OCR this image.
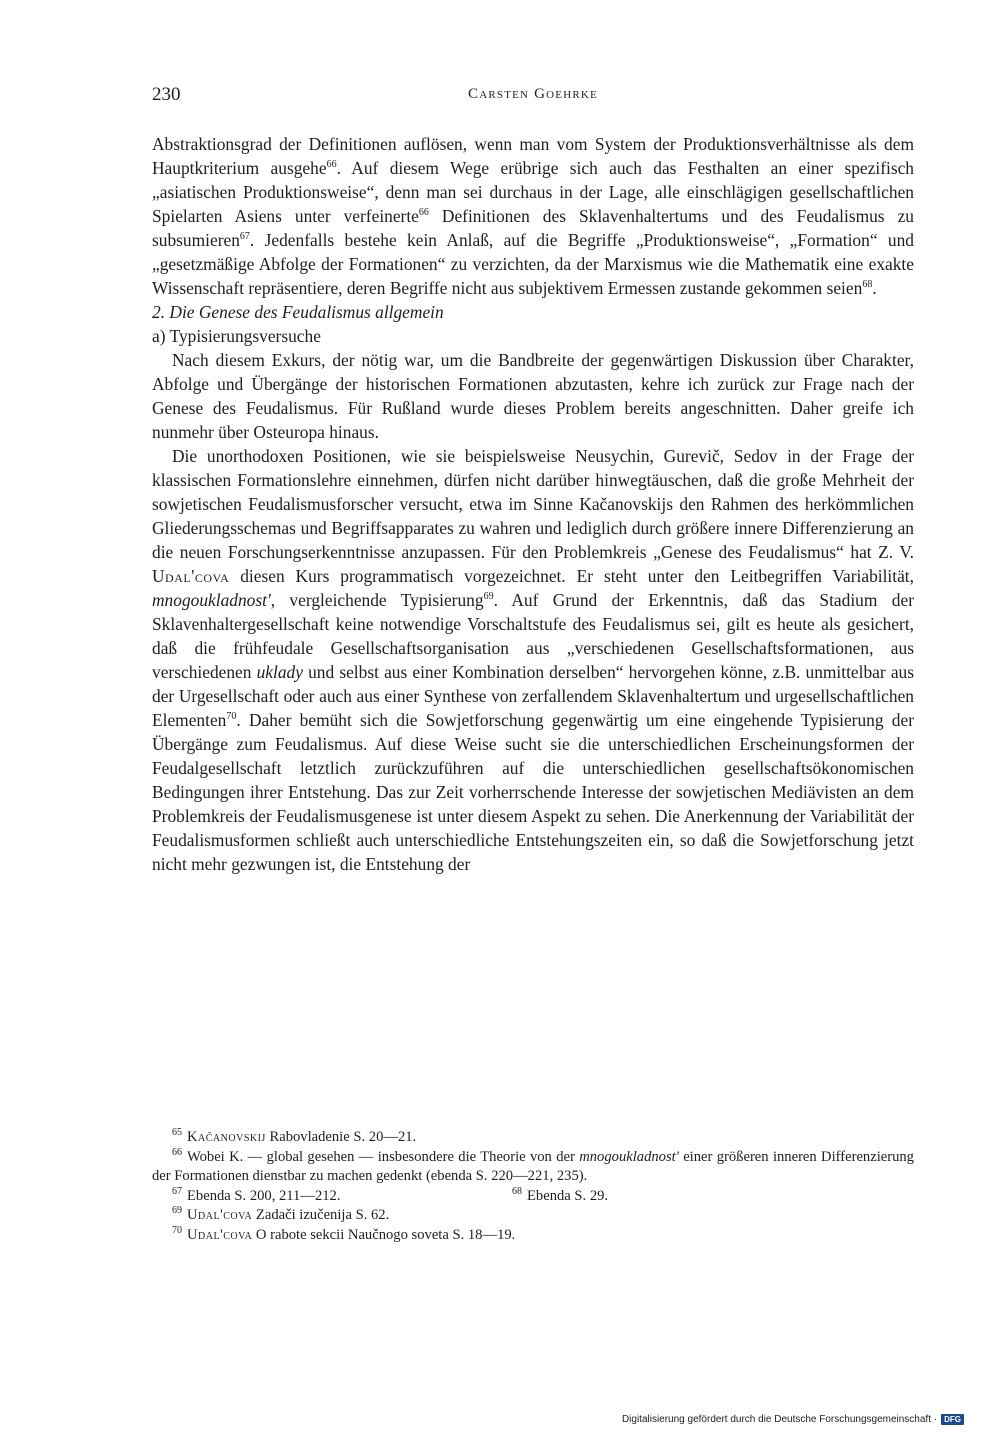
230	Carsten Goehrke

Abstraktionsgrad der Definitionen auflösen, wenn man vom System der Produktionsverhältnisse als dem Hauptkriterium ausgehe$^{66}$. Auf diesem Wege erübrige sich auch das Festhalten an einer spezifisch „asiatischen Produktionsweise“, denn man sei durchaus in der Lage, alle einschlägigen gesellschaftlichen Spielarten Asiens unter verfeinerte$^{66}$ Definitionen des Sklavenhaltertums und des Feudalismus zu subsumieren$^{67}$. Jedenfalls bestehe kein Anlaß, auf die Begriffe „Produktionsweise“, „Formation“ und „gesetzmäßige Abfolge der Formationen“ zu verzichten, da der Marxismus wie die Mathematik eine exakte Wissenschaft repräsentiere, deren Begriffe nicht aus subjektivem Ermessen zustande gekommen seien$^{68}$.

2. Die Genese des Feudalismus allgemein

a) Typisierungsversuche

Nach diesem Exkurs, der nötig war, um die Bandbreite der gegenwärtigen Diskussion über Charakter, Abfolge und Übergänge der historischen Formationen abzutasten, kehre ich zurück zur Frage nach der Genese des Feudalismus. Für Rußland wurde dieses Problem bereits angeschnitten. Daher greife ich nunmehr über Osteuropa hinaus.

Die unorthodoxen Positionen, wie sie beispielsweise Neusychin, Gurevič, Sedov in der Frage der klassischen Formationslehre einnehmen, dürfen nicht darüber hinwegtäuschen, daß die große Mehrheit der sowjetischen Feudalismusforscher versucht, etwa im Sinne Kačanovskijs den Rahmen des herkömmlichen Gliederungsschemas und Begriffsapparates zu wahren und lediglich durch größere innere Differenzierung an die neuen Forschungserkenntnisse anzupassen. Für den Problemkreis „Genese des Feudalismus“ hat Z. V. Udal'cova diesen Kurs programmatisch vorgezeichnet. Er steht unter den Leitbegriffen Variabilität, mnogoukladnost', vergleichende Typisierung$^{69}$. Auf Grund der Erkenntnis, daß das Stadium der Sklavenhaltergesellschaft keine notwendige Vorschaltstufe des Feudalismus sei, gilt es heute als gesichert, daß die frühfeudale Gesellschaftsorganisation aus „verschiedenen Gesellschaftsformationen, aus verschiedenen uklady und selbst aus einer Kombination derselben“ hervorgehen könne, z.B. unmittelbar aus der Urgesellschaft oder auch aus einer Synthese von zerfallendem Sklavenhaltertum und urgesellschaftlichen Elementen$^{70}$. Daher bemüht sich die Sowjetforschung gegenwärtig um eine eingehende Typisierung der Übergänge zum Feudalismus. Auf diese Weise sucht sie die unterschiedlichen Erscheinungsformen der Feudalgesellschaft letztlich zurückzuführen auf die unterschiedlichen gesellschaftsökonomischen Bedingungen ihrer Entstehung. Das zur Zeit vorherrschende Interesse der sowjetischen Mediävisten an dem Problemkreis der Feudalismusgenese ist unter diesem Aspekt zu sehen. Die Anerkennung der Variabilität der Feudalismusformen schließt auch unterschiedliche Entstehungszeiten ein, so daß die Sowjetforschung jetzt nicht mehr gezwungen ist, die Entstehung der

$^{65}$ Kačanovskij Rabovladenie S. 20—21.

$^{66}$ Wobei K. — global gesehen — insbesondere die Theorie von der mnogoukladnost' einer größeren inneren Differenzierung der Formationen dienstbar zu machen gedenkt (ebenda S. 220—221, 235).

$^{67}$ Ebenda S. 200, 211—212.	$^{68}$ Ebenda S. 29.

$^{69}$ Udal'cova Zadači izučenija S. 62.

$^{70}$ Udal'cova O rabote sekcii Naučnogo soveta S. 18—19.

Digitalisierung gefördert durch die Deutsche Forschungsgemeinschaft · DFG
